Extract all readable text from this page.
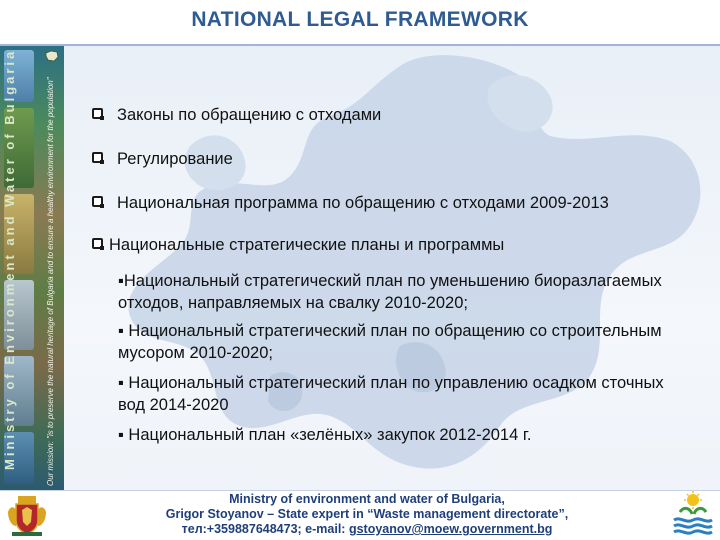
NATIONAL LEGAL FRAMEWORK
Ministry of Environment and Water of Bulgaria	Our mission: "is to preserve the natural heritage of Bulgaria and to ensure a healthy environment for the population"	Законы по обращению с отходами
Регулирование
Национальная программа по обращению с отходами 2009-2013
Национальные стратегические планы и программы
▪Национальный стратегический план по уменьшению биоразлагаемых отходов, направляемых на свалку 2010-2020;
▪ Национальный стратегический план по обращению со строительным мусором 2010-2020;
▪ Национальный стратегический план по управлению осадком сточных вод 2014-2020
▪ Национальный план «зелёных» закупок 2012-2014 г.
Ministry of environment and water of Bulgaria,
Grigor Stoyanov – State expert in “Waste management directorate”,
тел:+359887648473; e-mail: gstoyanov@moew.government.bg
